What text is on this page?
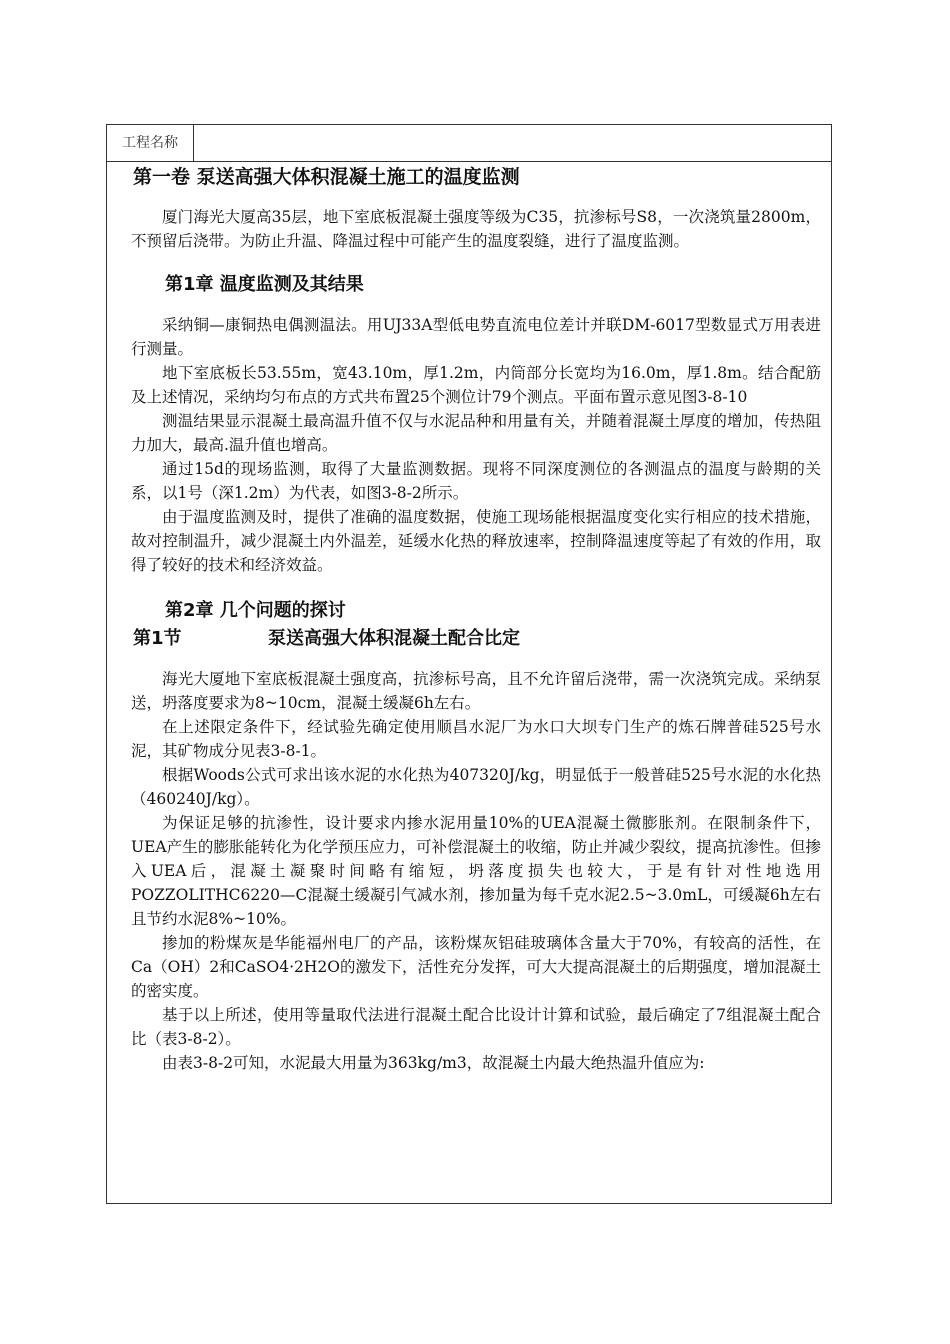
工程名称
第一卷 泵送高强大体积混凝土施工的温度监测

厦门海光大厦高35层，地下室底板混凝土强度等级为C35，抗渗标号S8，一次浇筑量2800m，不预留后浇带。为防止升温、降温过程中可能产生的温度裂缝，进行了温度监测。

第1章 温度监测及其结果

采纳铜—康铜热电偶测温法。用UJ33A型低电势直流电位差计并联DM-6017型数显式万用表进行测量。

地下室底板长53.55m，宽43.10m，厚1.2m，内筒部分长宽均为16.0m，厚1.8m。结合配筋及上述情况，采纳均匀布点的方式共布置25个测位计79个测点。平面布置示意见图3-8-10

测温结果显示混凝土最高温升值不仅与水泥品种和用量有关，并随着混凝土厚度的增加，传热阻力加大，最高.温升值也增高。

通过15d的现场监测，取得了大量监测数据。现将不同深度测位的各测温点的温度与龄期的关系，以1号（深1.2m）为代表，如图3-8-2所示。

由于温度监测及时，提供了准确的温度数据，使施工现场能根据温度变化实行相应的技术措施，故对控制温升，减少混凝土内外温差，延缓水化热的释放速率，控制降温速度等起了有效的作用，取得了较好的技术和经济效益。

第2章 几个问题的探讨
第1节	泵送高强大体积混凝土配合比定

海光大厦地下室底板混凝土强度高，抗渗标号高，且不允许留后浇带，需一次浇筑完成。采纳泵送，坍落度要求为8~10cm，混凝土缓凝6h左右。

在上述限定条件下，经试验先确定使用顺昌水泥厂为水口大坝专门生产的炼石牌普硅525号水泥，其矿物成分见表3-8-1。

根据Woods公式可求出该水泥的水化热为407320J/kg，明显低于一般普硅525号水泥的水化热（460240J/kg）。

为保证足够的抗渗性，设计要求内掺水泥用量10%的UEA混凝土微膨胀剂。在限制条件下，UEA产生的膨胀能转化为化学预压应力，可补偿混凝土的收缩，防止并减少裂纹，提高抗渗性。但掺入UEA后，混凝土凝聚时间略有缩短，坍落度损失也较大，于是有针对性地选用POZZOLITHC6220—C混凝土缓凝引气减水剂，掺加量为每千克水泥2.5~3.0mL，可缓凝6h左右且节约水泥8%~10%。

掺加的粉煤灰是华能福州电厂的产品，该粉煤灰铝硅玻璃体含量大于70%，有较高的活性，在Ca（OH）2和CaSO4·2H2O的激发下，活性充分发挥，可大大提高混凝土的后期强度，增加混凝土的密实度。

基于以上所述，使用等量取代法进行混凝土配合比设计计算和试验，最后确定了7组混凝土配合比（表3-8-2）。

由表3-8-2可知，水泥最大用量为363kg/m3，故混凝土内最大绝热温升值应为:
